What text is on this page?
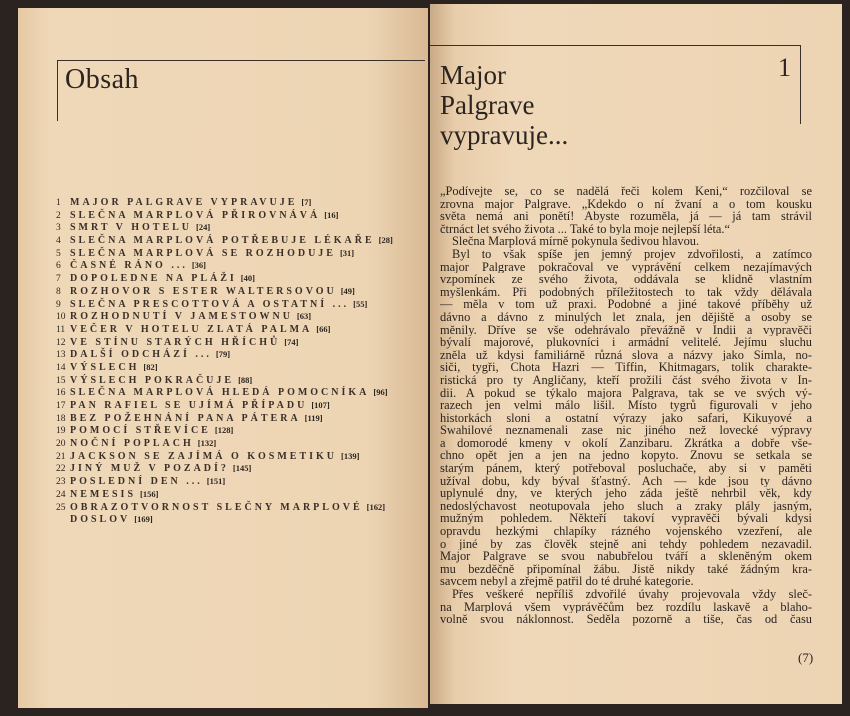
Obsah
1 MAJOR PALGRAVE VYPRAVUJE [7]
2 SLEČNA MARPLOVÁ PŘIROVNÁVÁ [16]
3 SMRT V HOTELU [24]
4 SLEČNA MARPLOVÁ POTŘEBUJE LÉKAŘE [28]
5 SLEČNA MARPLOVÁ SE ROZHODUJE [31]
6 ČASNÉ RÁNO ... [36]
7 DOPOLEDNE NA PLÁŽI [40]
8 ROZHOVOR S ESTER WALTERSOVOU [49]
9 SLEČNA PRESCOTTOVÁ A OSTATNÍ ... [55]
10 ROZHODNUTÍ V JAMESTOWNU [63]
11 VEČER V HOTELU ZLATÁ PALMA [66]
12 VE STÍNU STARÝCH HŘÍCHŮ [74]
13 DALŠÍ ODCHÁZÍ ... [79]
14 VÝSLECH [82]
15 VÝSLECH POKRAČUJE [88]
16 SLEČNA MARPLOVÁ HLEDÁ POMOCNÍKA [96]
17 PAN RAFIEL SE UJÍMÁ PŘÍPADU [107]
18 BEZ POŽEHNÁNÍ PANA PÁTERA [119]
19 POMOCÍ STŘEVÍCE [128]
20 NOČNÍ POPLACH [132]
21 JACKSON SE ZAJÍMÁ O KOSMETIKU [139]
22 JINÝ MUŽ V POZADÍ? [145]
23 POSLEDNÍ DEN ... [151]
24 NEMESIS [156]
25 OBRAZOTVORNOST SLEČNY MARPLOVÉ [162]
DOSLOV [169]
Major
Palgrave
vypravuje...
1
„Podívejte se, co se nadělá řeči kolem Keni,“ rozčiloval se
zrovna major Palgrave. „Kdekdo o ní žvaní a o tom kousku
světa nemá ani ponětí! Abyste rozuměla, já — já tam strávil
čtrnáct let svého života ... Také to byla moje nejlepší léta.“
Slečna Marplová mírně pokynula šedivou hlavou.
Byl to však spíše jen jemný projev zdvořilosti, a zatímco
major Palgrave pokračoval ve vyprávění celkem nezajímavých
vzpomínek ze svého života, oddávala se klidně vlastním
myšlenkám. Při podobných příležitostech to tak vždy dělávala
— měla v tom už praxi. Podobné a jiné takové příběhy už
dávno a dávno z minulých let znala, jen dějiště a osoby se
měnily. Dříve se vše odehrávalo převážně v Indii a vypravěči
bývalí majorové, plukovníci i armádní velitelé. Jejímu sluchu
zněla už kdysi familiárně různá slova a názvy jako Simla, no-
siči, tygři, Chota Hazri — Tiffin, Khitmagars, tolik charakte-
ristická pro ty Angličany, kteří prožili část svého života v In-
dii. A pokud se týkalo majora Palgrava, tak se ve svých vý-
razech jen velmi málo lišil. Místo tygrů figurovali v jeho
historkách sloni a ostatní výrazy jako safari, Kikuyové a
Swahilové neznamenali zase nic jiného než lovecké výpravy
a domorodé kmeny v okolí Zanzibaru. Zkrátka a dobře vše-
chno opět jen a jen na jedno kopyto. Znovu se setkala se
starým pánem, který potřeboval posluchače, aby si v paměti
užíval dobu, kdy býval šťastný. Ach — kde jsou ty dávno
uplynulé dny, ve kterých jeho záda ještě nehrbil věk, kdy
nedoslýchavost neotupovala jeho sluch a zraky plály jasným,
mužným pohledem. Někteří takoví vypravěči bývali kdysi
opravdu hezkými chlapíky rázného vojenského vzezření, ale
o jiné by zas člověk stejně ani tehdy pohledem nezavadil.
Major Palgrave se svou nabubřelou tváří a skleněným okem
mu bezděčně připomínal žábu. Jistě nikdy také žádným kra-
savcem nebyl a zřejmě patřil do té druhé kategorie.
Přes veškeré nepříliš zdvořilé úvahy projevovala vždy sleč-
na Marplová všem vyprávěčům bez rozdílu laskavě a blaho-
volně svou náklonnost. Seděla pozorně a tiše, čas od času
(7)
